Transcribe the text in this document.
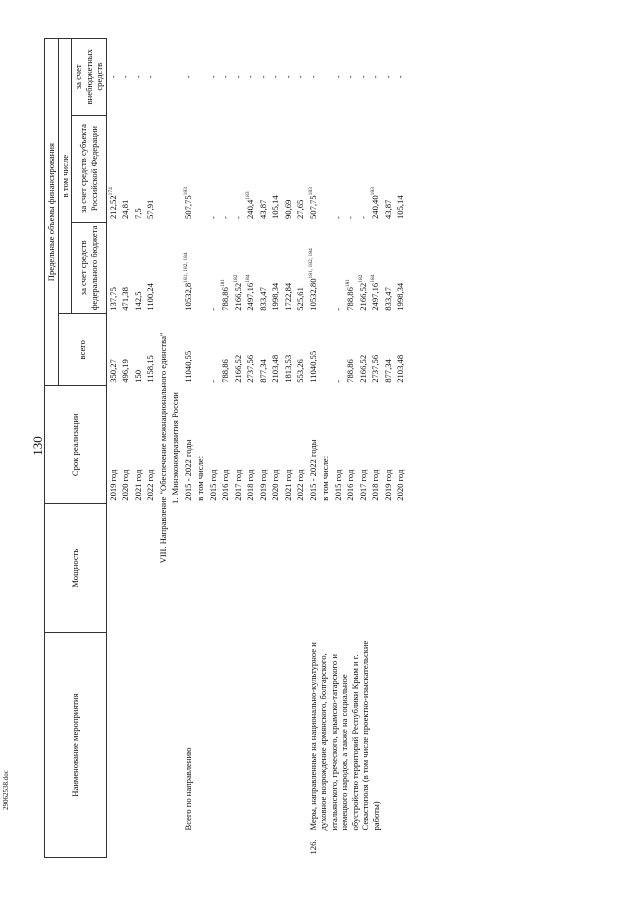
130
29062538.doc	Наименование мероприятия		Мощность	Срок реализации	Предельные объемы финансирования			
				всего	в том числе		
					за счет средств федерального бюджета	за счет средств субъекта Российской Федерации	за счет внебюджетных средств
			2019 год	350,27	137,75	212,52$^{174}$	-
			2020 год	496,19	471,38	24,81	-
			2021 год	150	142,5	7,5	-
			2022 год	1158,15	1100,24	57,91	-
VIII. Направление "Обеспечение межнационального единства"							
1. Минэкономразвития России							
	Всего по направлению		2015 - 2022 годы	11040,55	10532,8$^{181, 182, 184}$	507,75$^{183}$	-
			в том числе:				
			2015 год	-	-	-	-
			2016 год	788,86	788,86$^{181}$	-	-
			2017 год	2166,52	2166,52$^{182}$	-	-
			2018 год	2737,56	2497,16$^{184}$	240,4$^{183}$	-
			2019 год	877,34	833,47	43,87	-
			2020 год	2103,48	1998,34	105,14	-
			2021 год	1813,53	1722,84	90,69	-
			2022 год	553,26	525,61	27,65	-
126.	Меры, направленные на национально-культурное и духовное возрождение армянского, болгарского, итальянского, греческого, крымско-татарского и немецкого народов, а также на социальное обустройство территорий Республики Крым и г. Севастополя (в том числе проектно-изыскательские работы)		2015 - 2022 годы	11040,55	10532,80$^{181, 182, 184}$	507,75$^{183}$	-
			в том числе:				
			2015 год	-	-	-	-
			2016 год	788,86	788,86$^{181}$	-	-
			2017 год	2166,52	2166,52$^{182}$	-	-
			2018 год	2737,56	2497,16$^{184}$	240,40$^{183}$	-
			2019 год	877,34	833,47	43,87	-
			2020 год	2103,48	1998,34	105,14	-
